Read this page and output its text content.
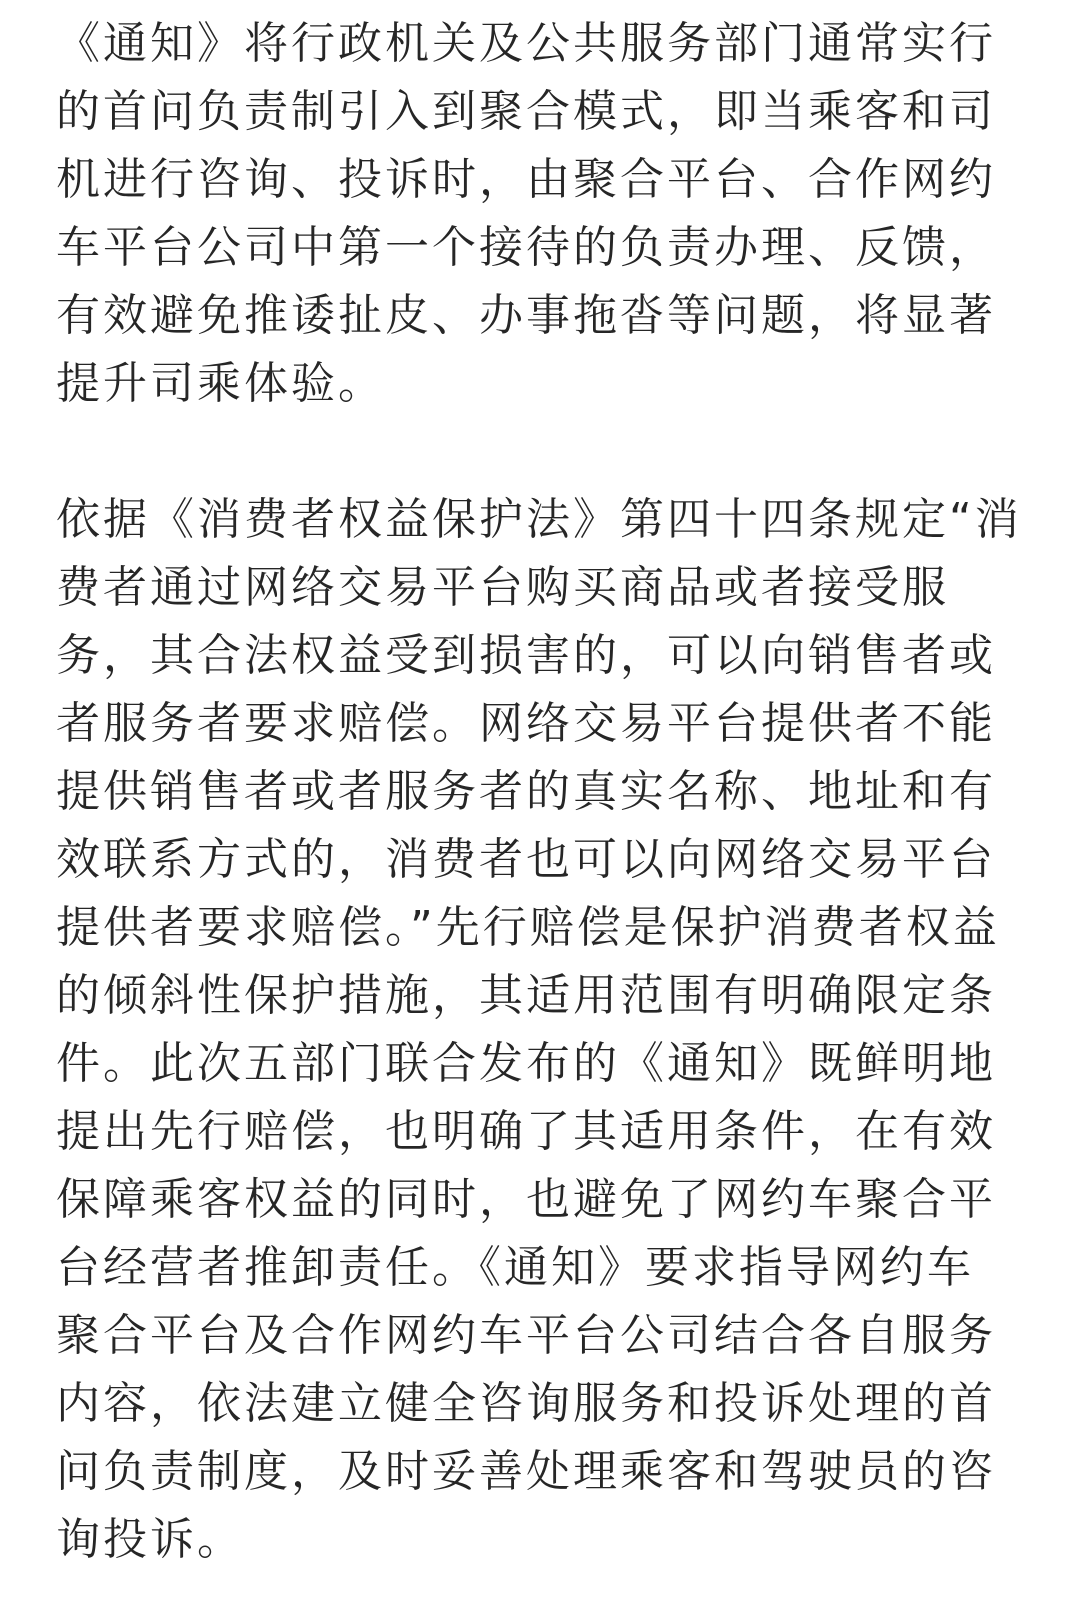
《通知》将行政机关及公共服务部门通常实行
的首问负责制引入到聚合模式，即当乘客和司
机进行咨询、投诉时，由聚合平台、合作网约
车平台公司中第一个接待的负责办理、反馈，
有效避免推诿扯皮、办事拖沓等问题，将显著
提升司乘体验。

依据《消费者权益保护法》第四十四条规定“消
费者通过网络交易平台购买商品或者接受服
务，其合法权益受到损害的，可以向销售者或
者服务者要求赔偿。网络交易平台提供者不能
提供销售者或者服务者的真实名称、地址和有
效联系方式的，消费者也可以向网络交易平台
提供者要求赔偿。”先行赔偿是保护消费者权益
的倾斜性保护措施，其适用范围有明确限定条
件。此次五部门联合发布的《通知》既鲜明地
提出先行赔偿，也明确了其适用条件，在有效
保障乘客权益的同时，也避免了网约车聚合平
台经营者推卸责任。《通知》要求指导网约车
聚合平台及合作网约车平台公司结合各自服务
内容，依法建立健全咨询服务和投诉处理的首
问负责制度，及时妥善处理乘客和驾驶员的咨
询投诉。
